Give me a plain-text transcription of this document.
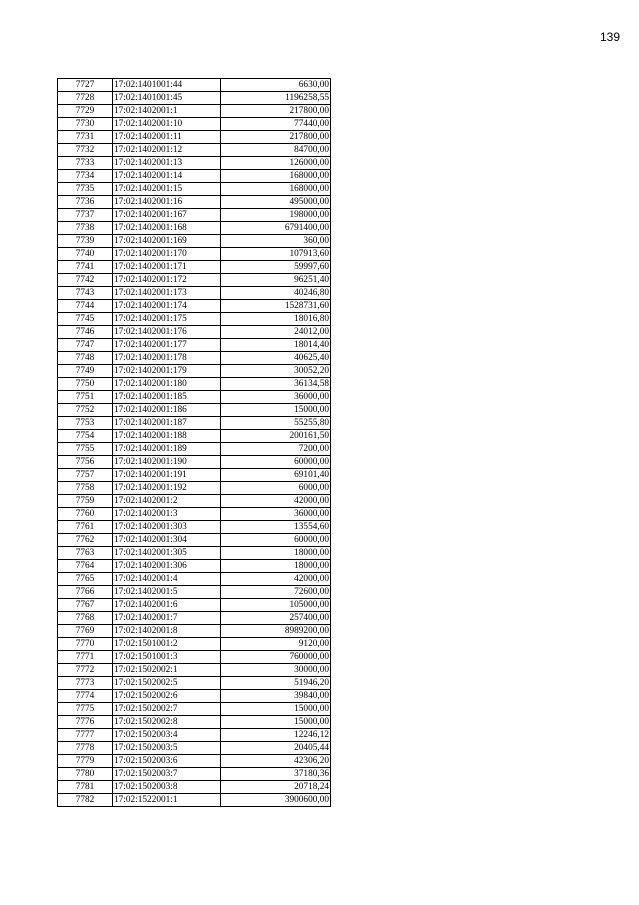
139
7727	17:02:1401001:44	6630,00
7728	17:02:1401001:45	1196258,55
7729	17:02:1402001:1	217800,00
7730	17:02:1402001:10	77440,00
7731	17:02:1402001:11	217800,00
7732	17:02:1402001:12	84700,00
7733	17:02:1402001:13	126000,00
7734	17:02:1402001:14	168000,00
7735	17:02:1402001:15	168000,00
7736	17:02:1402001:16	495000,00
7737	17:02:1402001:167	198000,00
7738	17:02:1402001:168	6791400,00
7739	17:02:1402001:169	360,00
7740	17:02:1402001:170	107913,60
7741	17:02:1402001:171	59997,60
7742	17:02:1402001:172	96251,40
7743	17:02:1402001:173	40246,80
7744	17:02:1402001:174	1528731,60
7745	17:02:1402001:175	18016,80
7746	17:02:1402001:176	24012,00
7747	17:02:1402001:177	18014,40
7748	17:02:1402001:178	40625,40
7749	17:02:1402001:179	30052,20
7750	17:02:1402001:180	36134,58
7751	17:02:1402001:185	36000,00
7752	17:02:1402001:186	15000,00
7753	17:02:1402001:187	55255,80
7754	17:02:1402001:188	200161,50
7755	17:02:1402001:189	7200,00
7756	17:02:1402001:190	60000,00
7757	17:02:1402001:191	69101,40
7758	17:02:1402001:192	6000,00
7759	17:02:1402001:2	42000,00
7760	17:02:1402001:3	36000,00
7761	17:02:1402001:303	13554,60
7762	17:02:1402001:304	60000,00
7763	17:02:1402001:305	18000,00
7764	17:02:1402001:306	18000,00
7765	17:02:1402001:4	42000,00
7766	17:02:1402001:5	72600,00
7767	17:02:1402001:6	105000,00
7768	17:02:1402001:7	257400,00
7769	17:02:1402001:8	8989200,00
7770	17:02:1501001:2	9120,00
7771	17:02:1501001:3	760000,00
7772	17:02:1502002:1	30000,00
7773	17:02:1502002:5	51946,20
7774	17:02:1502002:6	39840,00
7775	17:02:1502002:7	15000,00
7776	17:02:1502002:8	15000,00
7777	17:02:1502003:4	12246,12
7778	17:02:1502003:5	20405,44
7779	17:02:1502003:6	42306,20
7780	17:02:1502003:7	37180,36
7781	17:02:1502003:8	20718,24
7782	17:02:1522001:1	3900600,00
